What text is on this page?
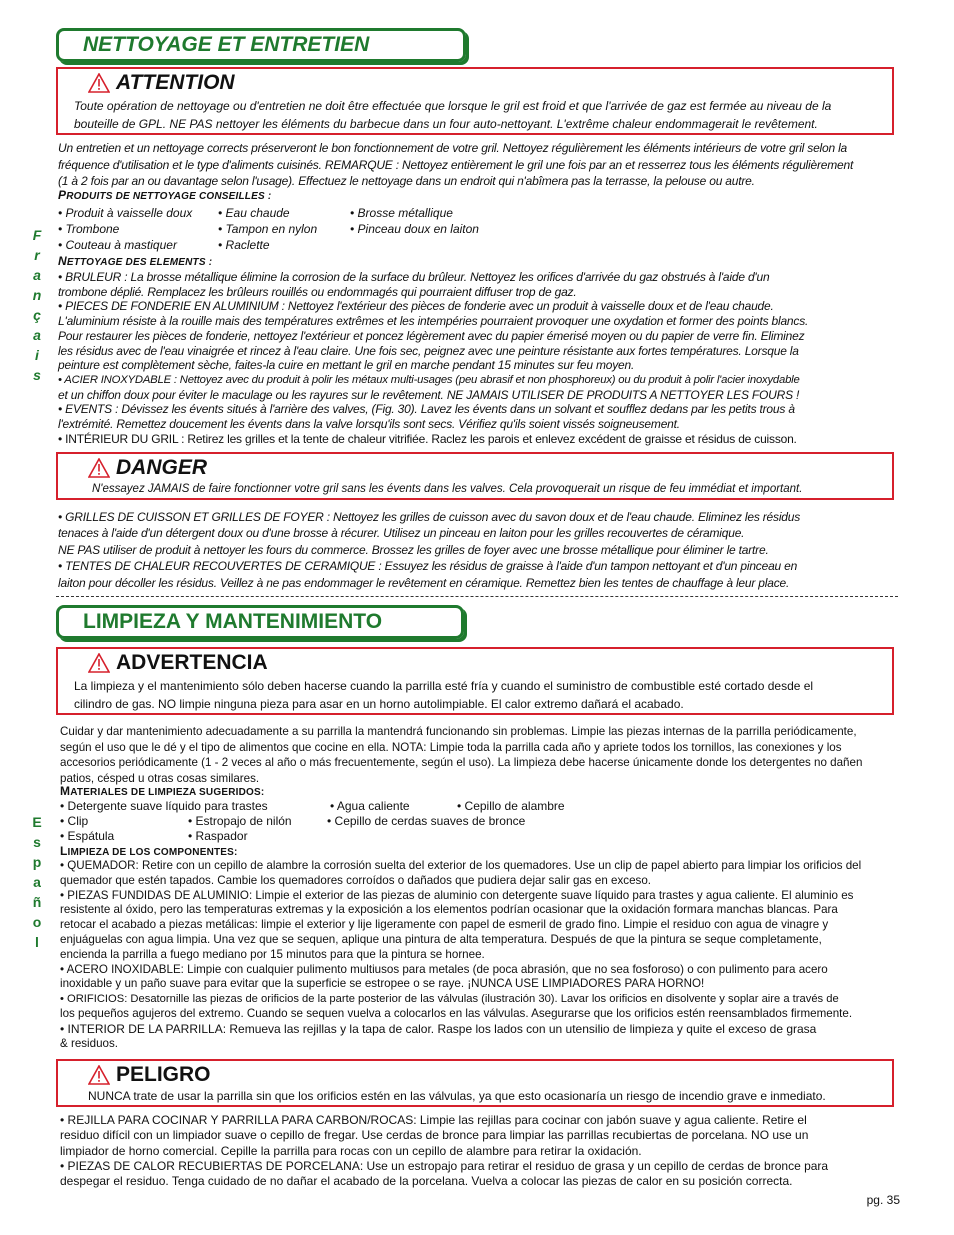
NETTOYAGE ET ENTRETIEN
ATTENTION
Toute opération de nettoyage ou d'entretien ne doit être effectuée que lorsque le gril est froid et que l'arrivée de gaz est fermée au niveau de la
bouteille de GPL. NE PAS nettoyer les éléments du barbecue dans un four auto-nettoyant. L'extrême chaleur endommagerait le revêtement.
Un entretien et un nettoyage corrects préserveront le bon fonctionnement de votre gril. Nettoyez régulièrement les éléments intérieurs de votre gril selon la
fréquence d'utilisation et le type d'aliments cuisinés. REMARQUE : Nettoyez entièrement le gril une fois par an et resserrez tous les éléments régulièrement
(1 à 2 fois par an ou davantage selon l'usage). Effectuez le nettoyage dans un endroit qui n'abîmera pas la terrasse, la pelouse ou autre.
PRODUITS DE NETTOYAGE CONSEILLES :
• Produit à vaisselle doux • Eau chaude	• Brosse métallique
• Trombone	• Tampon en nylon	• Pinceau doux en laiton
• Couteau à mastiquer	• Raclette
NETTOYAGE DES ELEMENTS :
• BRULEUR : La brosse métallique élimine la corrosion de la surface du brûleur. Nettoyez les orifices d'arrivée du gaz obstrués à l'aide d'un
trombone déplié. Remplacez les brûleurs rouillés ou endommagés qui pourraient diffuser trop de gaz.
• PIECES DE FONDERIE EN ALUMINIUM : Nettoyez l'extérieur des pièces de fonderie avec un produit à vaisselle doux et de l'eau chaude.
L'aluminium résiste à la rouille mais des températures extrêmes et les intempéries pourraient provoquer une oxydation et former des points blancs.
Pour restaurer les pièces de fonderie, nettoyez l'extérieur et poncez légèrement avec du papier émerisé moyen ou du papier de verre fin. Eliminez
les résidus avec de l'eau vinaigrée et rincez à l'eau claire. Une fois sec, peignez avec une peinture résistante aux fortes températures. Lorsque la
peinture est complètement sèche, faites-la cuire en mettant le gril en marche pendant 15 minutes sur feu moyen.
• ACIER INOXYDABLE : Nettoyez avec du produit à polir les métaux multi-usages (peu abrasif et non phosphoreux) ou du produit à polir l'acier inoxydable
et un chiffon doux pour éviter le maculage ou les rayures sur le revêtement. NE JAMAIS UTILISER DE PRODUITS A NETTOYER LES FOURS !
• EVENTS : Dévissez les évents situés à l'arrière des valves, (Fig. 30). Lavez les évents dans un solvant et soufflez dedans par les petits trous à
l'extrémité. Remettez doucement les évents dans la valve lorsqu'ils sont secs. Vérifiez qu'ils soient vissés soigneusement.
• INTÉRIEUR DU GRIL : Retirez les grilles et la tente de chaleur vitrifiée. Raclez les parois et enlevez excédent de graisse et résidus de cuisson.
DANGER
N'essayez JAMAIS de faire fonctionner votre gril sans les évents dans les valves. Cela provoquerait un risque de feu immédiat et important.
• GRILLES DE CUISSON ET GRILLES DE FOYER : Nettoyez les grilles de cuisson avec du savon doux et de l'eau chaude. Eliminez les résidus
tenaces à l'aide d'un détergent doux ou d'une brosse à récurer. Utilisez un pinceau en laiton pour les grilles recouvertes de céramique.
NE PAS utiliser de produit à nettoyer les fours du commerce. Brossez les grilles de foyer avec une brosse métallique pour éliminer le tartre.
• TENTES DE CHALEUR RECOUVERTES DE CERAMIQUE : Essuyez les résidus de graisse à l'aide d'un tampon nettoyant et d'un pinceau en
laiton pour décoller les résidus. Veillez à ne pas endommager le revêtement en céramique. Remettez bien les tentes de chauffage à leur place.
F
r
a
n
ç
a
i
s
LIMPIEZA Y MANTENIMIENTO
ADVERTENCIA
La limpieza y el mantenimiento sólo deben hacerse cuando la parrilla esté fría y cuando el suministro de combustible esté cortado desde el
cilindro de gas. NO limpie ninguna pieza para asar en un horno autolimpiable. El calor extremo dañará el acabado.
Cuidar y dar mantenimiento adecuadamente a su parrilla la mantendrá funcionando sin problemas. Limpie las piezas internas de la parrilla periódicamente,
según el uso que le dé y el tipo de alimentos que cocine en ella. NOTA: Limpie toda la parrilla cada año y apriete todos los tornillos, las conexiones y los
accesorios periódicamente (1 - 2 veces al año o más frecuentemente, según el uso). La limpieza debe hacerse únicamente donde los detergentes no dañen
patios, césped u otras cosas similares.
MATERIALES DE LIMPIEZA SUGERIDOS:
• Detergente suave líquido para trastes	• Agua caliente	• Cepillo de alambre
• Clip	• Estropajo de nilón	• Cepillo de cerdas suaves de bronce
• Espátula	• Raspador
LIMPIEZA DE LOS COMPONENTES:
• QUEMADOR: Retire con un cepillo de alambre la corrosión suelta del exterior de los quemadores. Use un clip de papel abierto para limpiar los orificios del
quemador que estén tapados. Cambie los quemadores corroídos o dañados que pudiera dejar salir gas en exceso.
• PIEZAS FUNDIDAS DE ALUMINIO: Limpie el exterior de las piezas de aluminio con detergente suave líquido para trastes y agua caliente. El aluminio es
resistente al óxido, pero las temperaturas extremas y la exposición a los elementos podrían ocasionar que la oxidación formara manchas blancas. Para
retocar el acabado a piezas metálicas: limpie el exterior y lije ligeramente con papel de esmeril de grado fino. Limpie el residuo con agua de vinagre y
enjuáguelas con agua limpia. Una vez que se sequen, aplique una pintura de alta temperatura. Después de que la pintura se seque completamente,
encienda la parrilla a fuego mediano por 15 minutos para que la pintura se hornee.
• ACERO INOXIDABLE: Limpie con cualquier pulimento multiusos para metales (de poca abrasión, que no sea fosforoso) o con pulimento para acero
inoxidable y un paño suave para evitar que la superficie se estropee o se raye. ¡NUNCA USE LIMPIADORES PARA HORNO!
• ORIFICIOS: Desatornille las piezas de orificios de la parte posterior de las válvulas (ilustración 30). Lavar los orificios en disolvente y soplar aire a través de
los pequeños agujeros del extremo. Cuando se sequen vuelva a colocarlos en las válvulas. Asegurarse que los orificios estén reensamblados firmemente.
• INTERIOR DE LA PARRILLA: Remueva las rejillas y la tapa de calor. Raspe los lados con un utensilio de limpieza y quite el exceso de grasa
& residuos.
PELIGRO
NUNCA trate de usar la parrilla sin que los orificios estén en las válvulas, ya que esto ocasionaría un riesgo de incendio grave e inmediato.
• REJILLA PARA COCINAR Y PARRILLA PARA CARBON/ROCAS: Limpie las rejillas para cocinar con jabón suave y agua caliente. Retire el
residuo difícil con un limpiador suave o cepillo de fregar. Use cerdas de bronce para limpiar las parrillas recubiertas de porcelana. NO use un
limpiador de horno comercial. Cepille la parrilla para rocas con un cepillo de alambre para retirar la oxidación.
• PIEZAS DE CALOR RECUBIERTAS DE PORCELANA: Use un estropajo para retirar el residuo de grasa y un cepillo de cerdas de bronce para
despegar el residuo. Tenga cuidado de no dañar el acabado de la porcelana. Vuelva a colocar las piezas de calor en su posición correcta.
E
s
p
a
ñ
o
l
pg. 35
